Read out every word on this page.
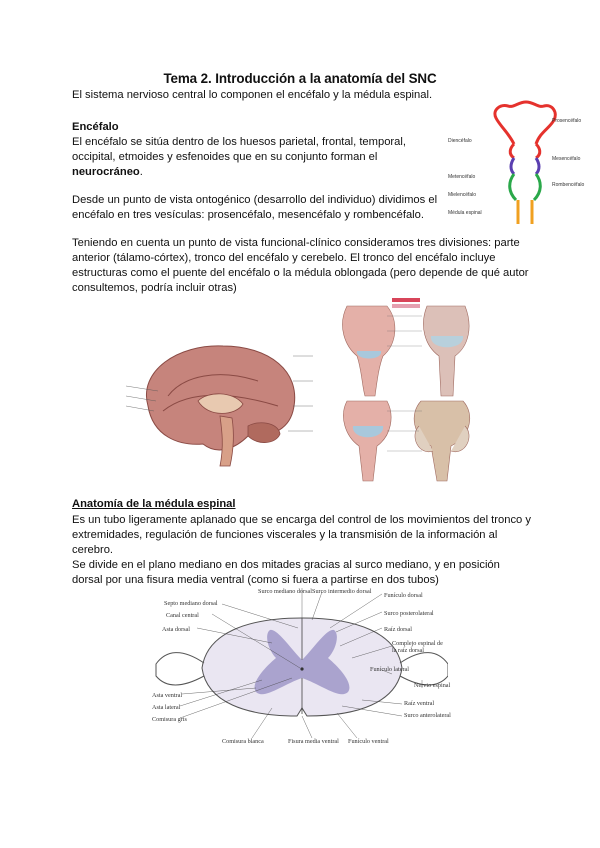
Tema 2. Introducción a la anatomía del SNC
El sistema nervioso central lo componen el encéfalo y la médula espinal.
Encéfalo
El encéfalo se sitúa dentro de los huesos parietal, frontal, temporal,
occipital, etmoides y esfenoides que en su conjunto forman el
neurocráneo.
Desde un punto de vista ontogénico (desarrollo del individuo) dividimos el
encéfalo en tres vesículas: prosencéfalo, mesencéfalo y rombencéfalo.
Teniendo en cuenta un punto de vista funcional-clínico consideramos tres divisiones: parte
anterior (tálamo-córtex), tronco del encéfalo y cerebelo. El tronco del encéfalo incluye
estructuras como el puente del encéfalo o la médula oblongada (pero depende de qué autor
consultemos, podría incluir otras)
Diencéfalo
Metencéfalo
Mielencéfalo
Médula espinal
Prosencéfalo
Mesencéfalo
Rombencéfalo
Anatomía de la médula espinal
Es un tubo ligeramente aplanado que se encarga del control de los movimientos del tronco y
extremidades, regulación de funciones viscerales y la transmisión de la información al
cerebro.
Se divide en el plano mediano en dos mitades gracias al surco mediano, y en posición
dorsal por una fisura media ventral (como si fuera a partirse en dos tubos)
Surco mediano dorsal Surco intermedio dorsal
Septo mediano dorsal
Canal central
Asta dorsal
Asta ventral
Asta lateral
Comisura gris
Funículo dorsal
Surco posterolateral
Raíz dorsal
Complejo espinal de la raíz dorsal
Funículo lateral
Nervio espinal
Raíz ventral
Surco anterolateral
Comisura blanca	Fisura media ventral Funículo ventral
